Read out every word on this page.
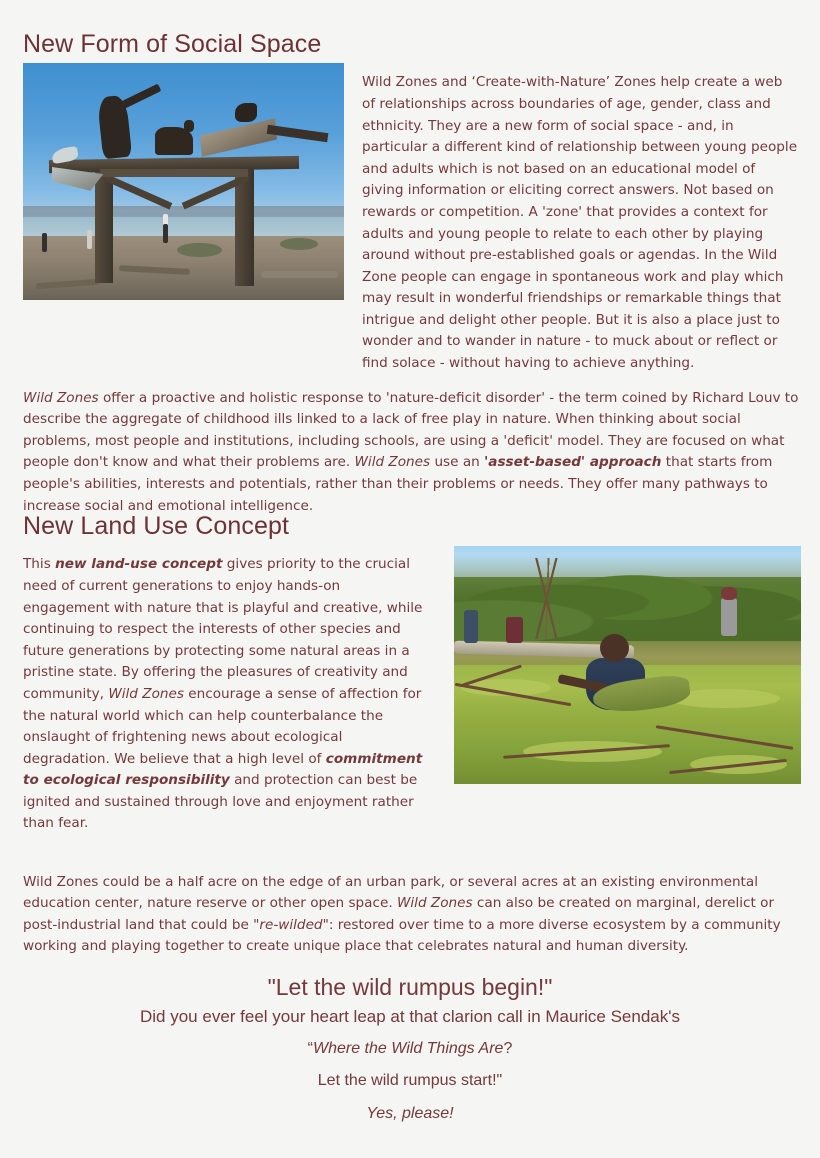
New Form of Social Space

Wild Zones and ‘Create-with-Nature’ Zones help create a web of relationships across boundaries of age, gender, class and ethnicity. They are a new form of social space - and, in particular a different kind of relationship between young people and adults which is not based on an educational model of giving information or eliciting correct answers. Not based on rewards or competition. A 'zone' that provides a context for adults and young people to relate to each other by playing around without pre-established goals or agendas. In the Wild Zone people can engage in spontaneous work and play which may result in wonderful friendships or remarkable things that intrigue and delight other people. But it is also a place just to wonder and to wander in nature - to muck about or reflect or find solace - without having to achieve anything.

Wild Zones offer a proactive and holistic response to 'nature-deficit disorder' - the term coined by Richard Louv to describe the aggregate of childhood ills linked to a lack of free play in nature. When thinking about social problems, most people and institutions, including schools, are using a 'deficit' model. They are focused on what people don't know and what their problems are. Wild Zones use an 'asset-based' approach that starts from people's abilities, interests and potentials, rather than their problems or needs. They offer many pathways to increase social and emotional intelligence.

New Land Use Concept

This new land-use concept gives priority to the crucial need of current generations to enjoy hands-on engagement with nature that is playful and creative, while continuing to respect the interests of other species and future generations by protecting some natural areas in a pristine state. By offering the pleasures of creativity and community, Wild Zones encourage a sense of affection for the natural world which can help counterbalance the onslaught of frightening news about ecological degradation. We believe that a high level of commitment to ecological responsibility and protection can best be ignited and sustained through love and enjoyment rather than fear.

Wild Zones could be a half acre on the edge of an urban park, or several acres at an existing environmental education center, nature reserve or other open space. Wild Zones can also be created on marginal, derelict or post-industrial land that could be "re-wilded": restored over time to a more diverse ecosystem by a community working and playing together to create unique place that celebrates natural and human diversity.

"Let the wild rumpus begin!"
Did you ever feel your heart leap at that clarion call in Maurice Sendak's
“Where the Wild Things Are?
Let the wild rumpus start!"
Yes, please!
